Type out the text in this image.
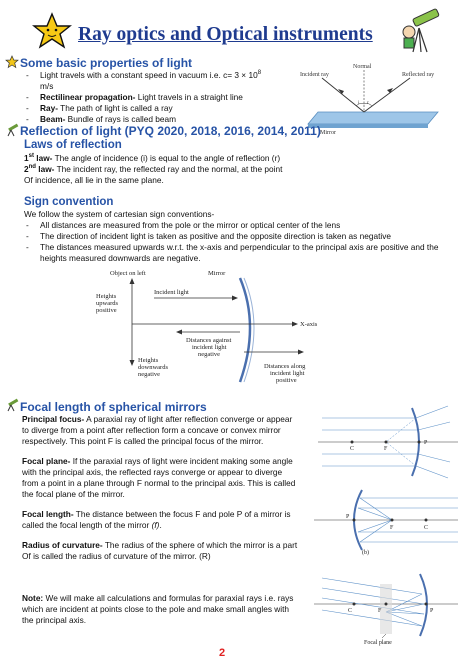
Ray optics and Optical instruments
Some basic properties of light
- Light travels with a constant speed in vacuum i.e. $c= 3 \times 10^8$ m/s
- Rectilinear propagation- Light travels in a straight line
- Ray- The path of light is called a ray
- Beam- Bundle of rays is called beam
Normal
Incident ray	Reflected ray
Mirror
i r
Reflection of light (PYQ 2020, 2018, 2016, 2014, 2011)
Laws of reflection
1st law- The angle of incidence (i) is equal to the angle of reflection (r)
2nd law- The incident ray, the reflected ray and the normal, at the point
Of incidence, all lie in the same plane.
Sign convention
We follow the system of cartesian sign conventions-
- All distances are measured from the pole or the mirror or optical center of the lens
- The direction of incident light is taken as positive and the opposite direction is taken as negative
- The distances measured upwards w.r.t. the x-axis and perpendicular to the principal axis are positive and the heights measured downwards are negative.
Object on left	Mirror
Incident light
Heights
upwards
positive
X-axis
Distances against
incident light
negative
Heights
downwards
negative
Distances along
incident light
positive
Focal length of spherical mirrors
Principal focus- A paraxial ray of light after reflection converge or appear to diverge from a point after reflection form a concave or convex mirror respectively. This point F is called the principal focus of the mirror.
Focal plane- If the paraxial rays of light were incident making some angle with the principal axis, the reflected rays converge or appear to diverge from a point in a plane through F normal to the principal axis. This is called the focal plane of the mirror.
Focal length- The distance between the focus F and pole P of a mirror is called the focal length of the mirror (f).
Radius of curvature- The radius of the sphere of which the mirror is a part Of is called the radius of curvature of the mirror. (R)
Note: We will make all calculations and formulas for paraxial rays i.e. rays which are incident at points close to the pole and make small angles with the principal axis.
C	F
P
P
F	C
(b)
C	F	P
Focal plane
2
